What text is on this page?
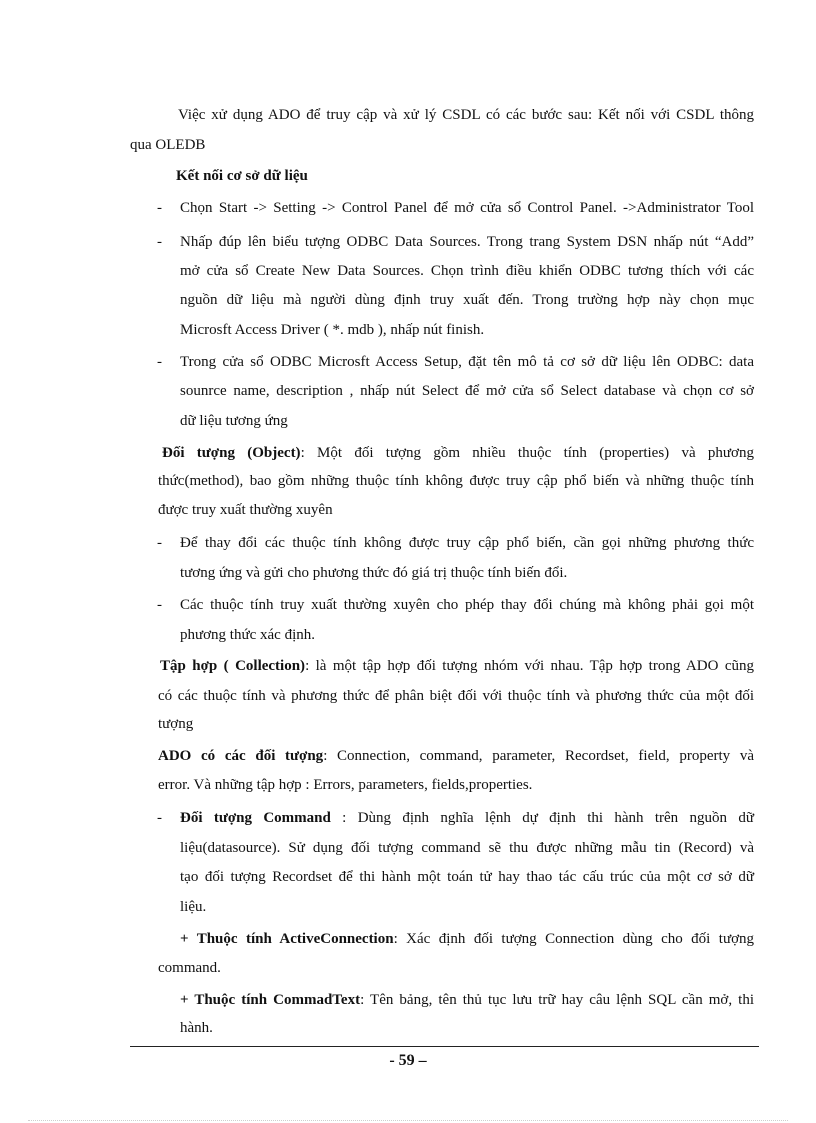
Việc xử dụng ADO để truy cập và xử lý CSDL có các bước sau: Kết nối với CSDL thông
qua OLEDB
Kết nối cơ sở dữ liệu
- Chọn Start -> Setting -> Control Panel để mở cửa sổ Control Panel. ->Administrator Tool
- Nhấp đúp lên biểu tượng ODBC Data Sources. Trong trang System DSN nhấp nút “Add”
mở cửa sổ Create New Data Sources. Chọn trình điều khiển ODBC tương thích với các
nguồn dữ liệu mà người dùng định truy xuất đến. Trong trường hợp này chọn mục
Microsft Access Driver ( *. mdb ), nhấp nút finish.
- Trong cửa sổ ODBC Microsft Access Setup, đặt tên mô tả cơ sở dữ liệu lên ODBC: data
sounrce name, description , nhấp nút Select để mở cửa sổ Select database và chọn cơ sở
dữ liệu tương ứng
Đối tượng (Object): Một đối tượng gồm nhiều thuộc tính (properties) và phương
thức(method), bao gồm những thuộc tính không được truy cập phổ biến và những thuộc tính
được truy xuất thường xuyên
- Để thay đổi các thuộc tính không được truy cập phổ biến, cần gọi những phương thức
tương ứng và gửi cho phương thức đó giá trị thuộc tính biến đổi.
- Các thuộc tính truy xuất thường xuyên cho phép thay đổi chúng mà không phải gọi một
phương thức xác định.
Tập hợp ( Collection): là một tập hợp đối tượng nhóm với nhau. Tập hợp trong ADO cũng
có các thuộc tính và phương thức để phân biệt đối với thuộc tính và phương thức của một đối
tượng
ADO có các đối tượng: Connection, command, parameter, Recordset, field, property và
error. Và những tập hợp : Errors, parameters, fields,properties.
- Đối tượng Command : Dùng định nghĩa lệnh dự định thi hành trên nguồn dữ
liệu(datasource). Sử dụng đối tượng command sẽ thu được những mẫu tin (Record) và
tạo đối tượng Recordset để thi hành một toán tử hay thao tác cấu trúc của một cơ sở dữ
liệu.
+ Thuộc tính ActiveConnection: Xác định đối tượng Connection dùng cho đối tượng
command.
+ Thuộc tính CommadText: Tên bảng, tên thủ tục lưu trữ hay câu lệnh SQL cần mở, thi
hành.
- 59 –
